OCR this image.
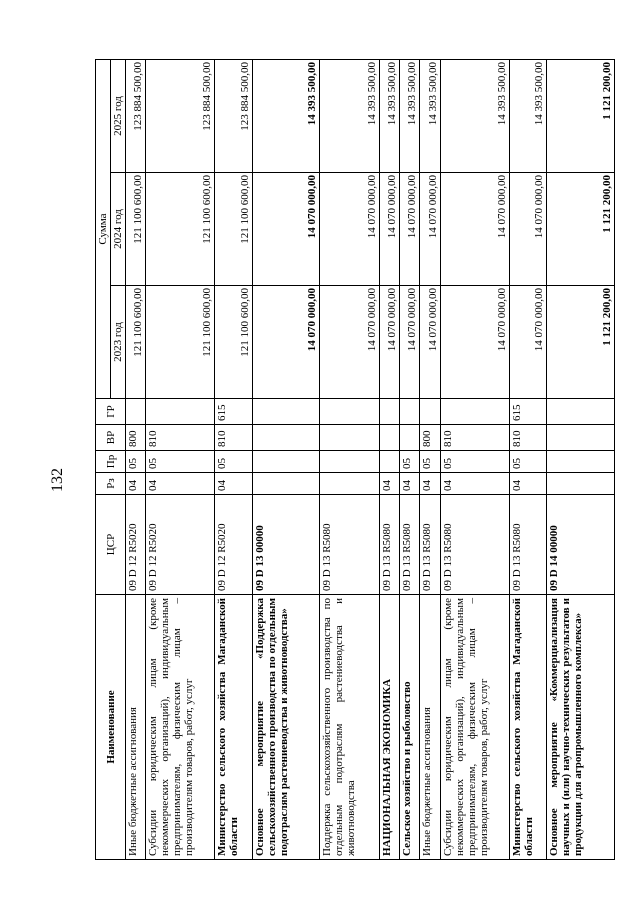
132
Наименование	ЦСР	Рз	Пр	ВР	ГР	Сумма		
						2023 год	2024 год	2025 год
Иные бюджетные ассигнования	09 D 12 R5020	04	05	800		121 100 600,00	121 100 600,00	123 884 500,00
Субсидии юридическим лицам (кроме некоммерческих организаций), индивидуальным предпринимателям, физическим лицам – производителям товаров, работ, услуг	09 D 12 R5020	04	05	810		121 100 600,00	121 100 600,00	123 884 500,00
Министерство сельского хозяйства Магаданской области	09 D 12 R5020	04	05	810	615	121 100 600,00	121 100 600,00	123 884 500,00
Основное мероприятие «Поддержка сельскохозяйственного производства по отдельным подотраслям растениеводства и животноводства»	09 D 13 00000					14 070 000,00	14 070 000,00	14 393 500,00
Поддержка сельскохозяйственного производства по отдельным подотраслям растениеводства и животноводства	09 D 13 R5080					14 070 000,00	14 070 000,00	14 393 500,00
НАЦИОНАЛЬНАЯ ЭКОНОМИКА	09 D 13 R5080	04				14 070 000,00	14 070 000,00	14 393 500,00
Сельское хозяйство и рыболовство	09 D 13 R5080	04	05			14 070 000,00	14 070 000,00	14 393 500,00
Иные бюджетные ассигнования	09 D 13 R5080	04	05	800		14 070 000,00	14 070 000,00	14 393 500,00
Субсидии юридическим лицам (кроме некоммерческих организаций), индивидуальным предпринимателям, физическим лицам – производителям товаров, работ, услуг	09 D 13 R5080	04	05	810		14 070 000,00	14 070 000,00	14 393 500,00
Министерство сельского хозяйства Магаданской области	09 D 13 R5080	04	05	810	615	14 070 000,00	14 070 000,00	14 393 500,00
Основное мероприятие «Коммерциализация научных и (или) научно-технических результатов и продукции для агропромышленного комплекса»	09 D 14 00000					1 121 200,00	1 121 200,00	1 121 200,00
